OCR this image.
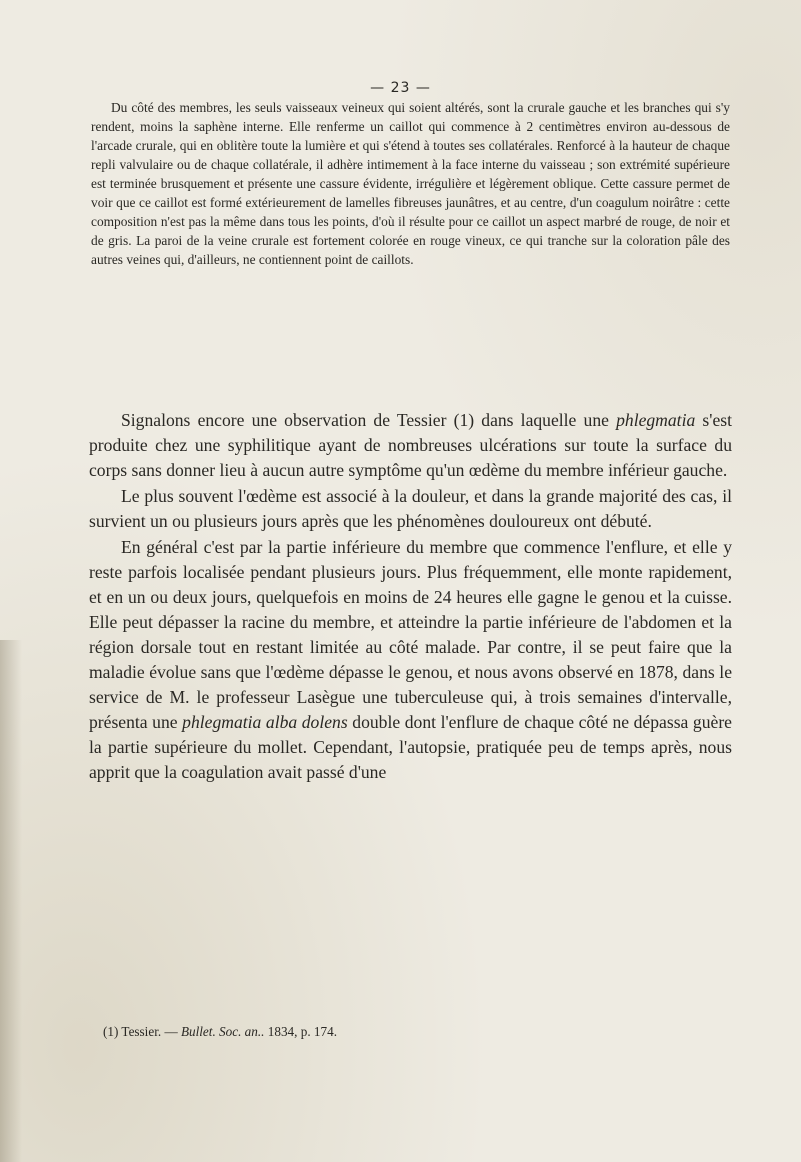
— 23 —

Du côté des membres, les seuls vaisseaux veineux qui soient altérés, sont la crurale gauche et les branches qui s'y rendent, moins la saphène interne. Elle renferme un caillot qui commence à 2 centimètres environ au-dessous de l'arcade crurale, qui en oblitère toute la lumière et qui s'étend à toutes ses collatérales. Renforcé à la hauteur de chaque repli valvulaire ou de chaque collatérale, il adhère intimement à la face interne du vaisseau ; son extrémité supérieure est terminée brusquement et présente une cassure évidente, irrégulière et légèrement oblique. Cette cassure permet de voir que ce caillot est formé extérieurement de lamelles fibreuses jaunâtres, et au centre, d'un coagulum noirâtre : cette composition n'est pas la même dans tous les points, d'où il résulte pour ce caillot un aspect marbré de rouge, de noir et de gris. La paroi de la veine crurale est fortement colorée en rouge vineux, ce qui tranche sur la coloration pâle des autres veines qui, d'ailleurs, ne contiennent point de caillots.

Signalons encore une observation de Tessier (1) dans laquelle une phlegmatia s'est produite chez une syphilitique ayant de nombreuses ulcérations sur toute la surface du corps sans donner lieu à aucun autre symptôme qu'un œdème du membre inférieur gauche.

Le plus souvent l'œdème est associé à la douleur, et dans la grande majorité des cas, il survient un ou plusieurs jours après que les phénomènes douloureux ont débuté.

En général c'est par la partie inférieure du membre que commence l'enflure, et elle y reste parfois localisée pendant plusieurs jours. Plus fréquemment, elle monte rapidement, et en un ou deux jours, quelquefois en moins de 24 heures elle gagne le genou et la cuisse. Elle peut dépasser la racine du membre, et atteindre la partie inférieure de l'abdomen et la région dorsale tout en restant limitée au côté malade. Par contre, il se peut faire que la maladie évolue sans que l'œdème dépasse le genou, et nous avons observé en 1878, dans le service de M. le professeur Lasègue une tuberculeuse qui, à trois semaines d'intervalle, présenta une phlegmatia alba dolens double dont l'enflure de chaque côté ne dépassa guère la partie supérieure du mollet. Cependant, l'autopsie, pratiquée peu de temps après, nous apprit que la coagulation avait passé d'une

(1) Tessier. — Bullet. Soc. an.. 1834, p. 174.
